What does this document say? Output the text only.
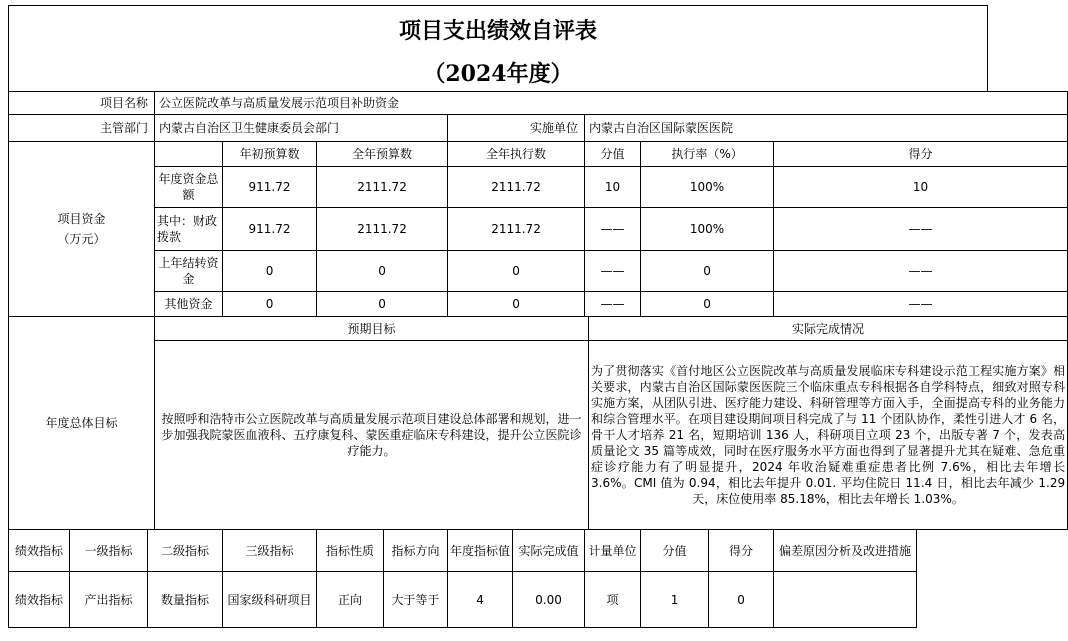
项目支出绩效自评表
（2024年度）
项目名称			公立医院改革与高质量发展示范项目补助资金										
主管部门			内蒙古自治区卫生健康委员会部门				实施单位		内蒙古自治区国际蒙医医院				

项目资金
（万元）				年初预算数	全年预算数		全年执行数		分值		执行率（%）		得分
			年度资金总额	911.72	2111.72		2111.72		10		100%		10
			其中：财政拨款	911.72	2111.72		2111.72		——		100%		——
			上年结转资金	0	0		0		——		0		——
			其他资金	0	0		0		——		0		——
年度总体目标			预期目标							实际完成情况			
			按照呼和浩特市公立医院改革与高质量发展示范项目建设总体部署和规划，进一步加强我院蒙医血液科、五疗康复科、蒙医重症临床专科建设，提升公立医院诊疗能力。							为了贯彻落实《首付地区公立医院改革与高质量发展临床专科建设示范工程实施方案》相关要求，内蒙古自治区国际蒙医医院三个临床重点专科根据各自学科特点，细致对照专科实施方案，从团队引进、医疗能力建设、科研管理等方面入手，全面提高专科的业务能力和综合管理水平。在项目建设期间项目科完成了与 11 个团队协作，柔性引进人才 6 名，骨干人才培养 21 名，短期培训 136 人，科研项目立项 23 个，出版专著 7 个，发表高质量论文 35 篇等成效，同时在医疗服务水平方面也得到了显著提升尤其在疑难、急危重症诊疗能力有了明显提升，2024 年收治疑难重症患者比例 7.6%，相比去年增长 3.6%。CMI 值为 0.94，相比去年提升 0.01. 平均住院日 11.4 日，相比去年减少 1.29 天，床位使用率 85.18%，相比去年增长 1.03%。			
绩效指标	一级指标	二级指标		三级指标	指标性质	指标方向	年度指标值	实际完成值	计量单位		分值	得分	偏差原因分析及改进措施
绩效指标	产出指标	数量指标		国家级科研项目	正向	大于等于	4	0.00	项		1	0	
